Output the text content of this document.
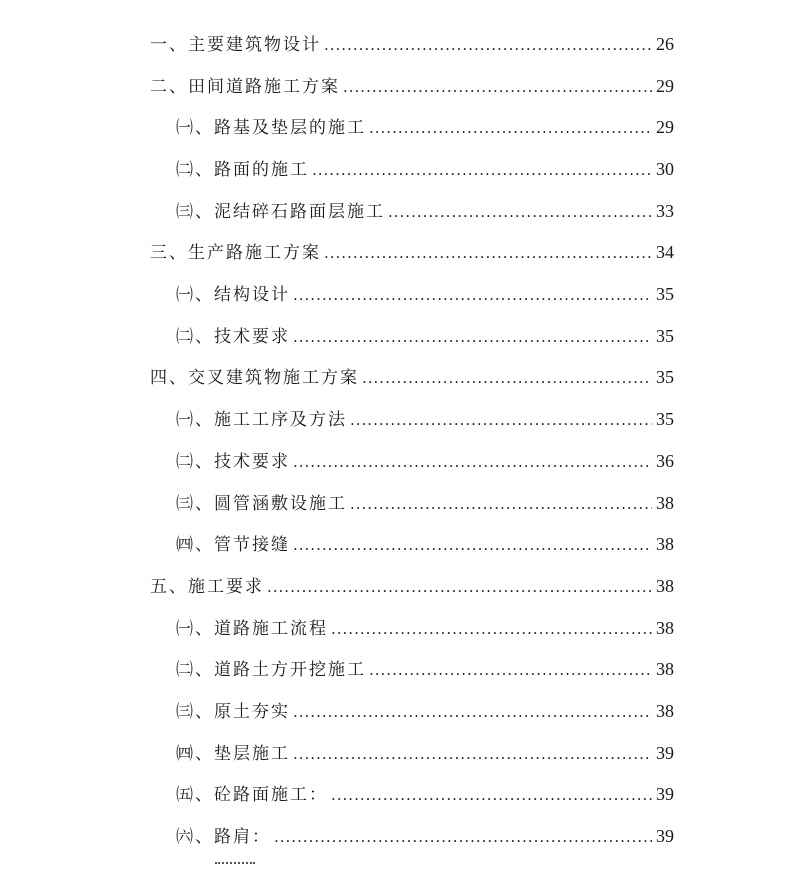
一、主要建筑物设计 .....	26
二、田间道路施工方案 .....	29
㈠、路基及垫层的施工 .....	29
㈡、路面的施工 .....	30
㈢、泥结碎石路面层施工 .....	33
三、生产路施工方案 .....	34
㈠、结构设计 .....	35
㈡、技术要求 .....	35
四、交叉建筑物施工方案 .....	35
㈠、施工工序及方法 .....	35
㈡、技术要求 .....	36
㈢、圆管涵敷设施工 .....	38
㈣、管节接缝 .....	38
五、施工要求 .....	38
㈠、道路施工流程 .....	38
㈡、道路土方开挖施工 .....	38
㈢、原土夯实 .....	38
㈣、垫层施工 .....	39
㈤、砼路面施工： .....	39
㈥、路肩： .....	39
